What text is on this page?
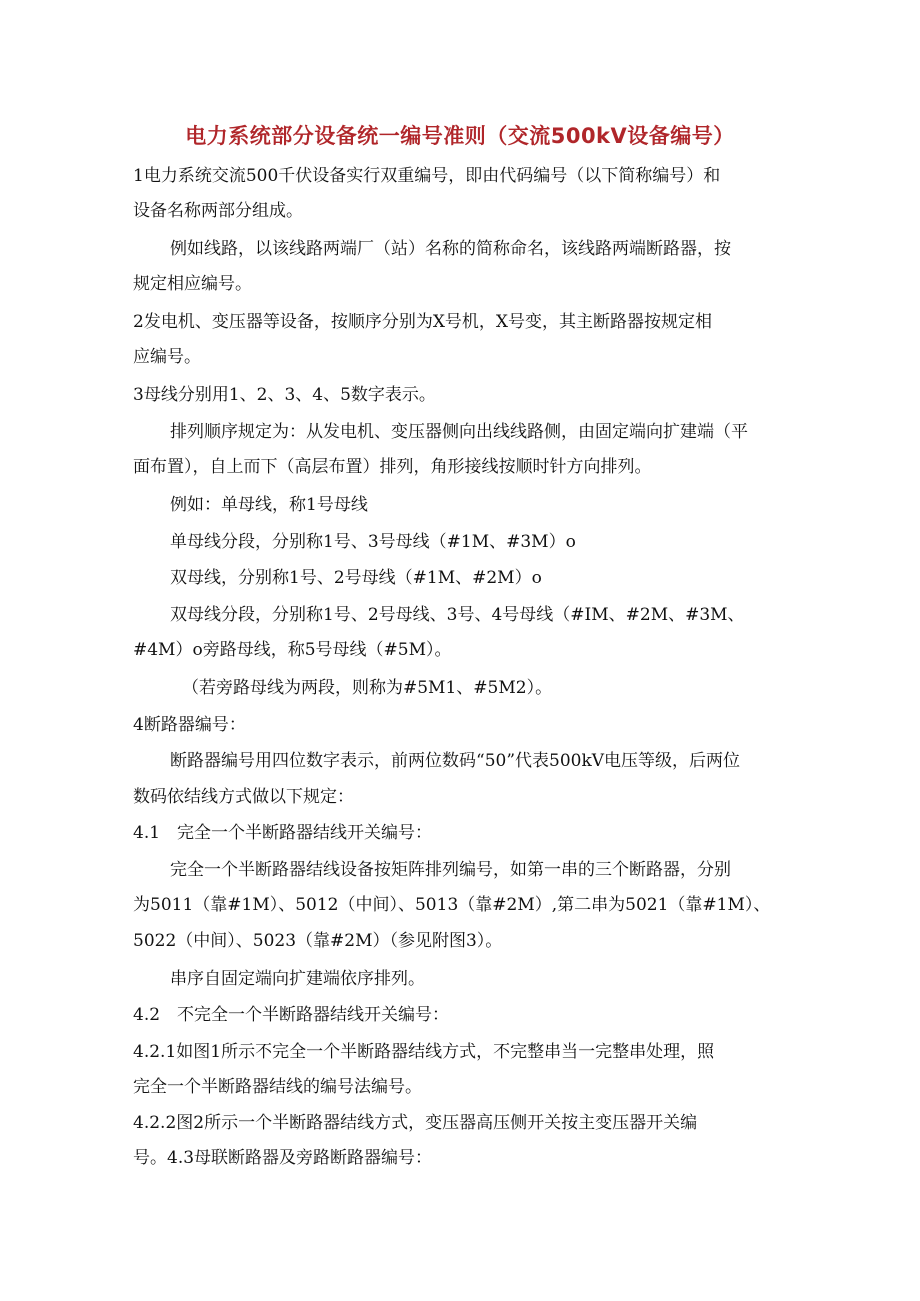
电力系统部分设备统一编号准则（交流500kV设备编号）
1电力系统交流500千伏设备实行双重编号，即由代码编号（以下简称编号）和
设备名称两部分组成。
例如线路，以该线路两端厂（站）名称的简称命名，该线路两端断路器，按
规定相应编号。
2发电机、变压器等设备，按顺序分别为X号机，X号变，其主断路器按规定相
应编号。
3母线分别用1、2、3、4、5数字表示。
排列顺序规定为：从发电机、变压器侧向出线线路侧，由固定端向扩建端（平
面布置），自上而下（高层布置）排列，角形接线按顺时针方向排列。
例如：单母线，称1号母线
单母线分段，分别称1号、3号母线（#1M、#3M）o
双母线，分别称1号、2号母线（#1M、#2M）o
双母线分段，分别称1号、2号母线、3号、4号母线（#IM、#2M、#3M、
#4M）o旁路母线，称5号母线（#5M）。
（若旁路母线为两段，则称为#5M1、#5M2）。
4断路器编号：
断路器编号用四位数字表示，前两位数码“50”代表500kV电压等级，后两位
数码依结线方式做以下规定：
4.1　完全一个半断路器结线开关编号：
完全一个半断路器结线设备按矩阵排列编号，如第一串的三个断路器，分别
为5011（靠#1M）、5012（中间）、5013（靠#2M）,第二串为5021（靠#1M）、
5022（中间）、5023（靠#2M）（参见附图3）。
串序自固定端向扩建端依序排列。
4.2　不完全一个半断路器结线开关编号：
4.2.1如图1所示不完全一个半断路器结线方式，不完整串当一完整串处理，照
完全一个半断路器结线的编号法编号。
4.2.2图2所示一个半断路器结线方式，变压器高压侧开关按主变压器开关编
号。4.3母联断路器及旁路断路器编号：
